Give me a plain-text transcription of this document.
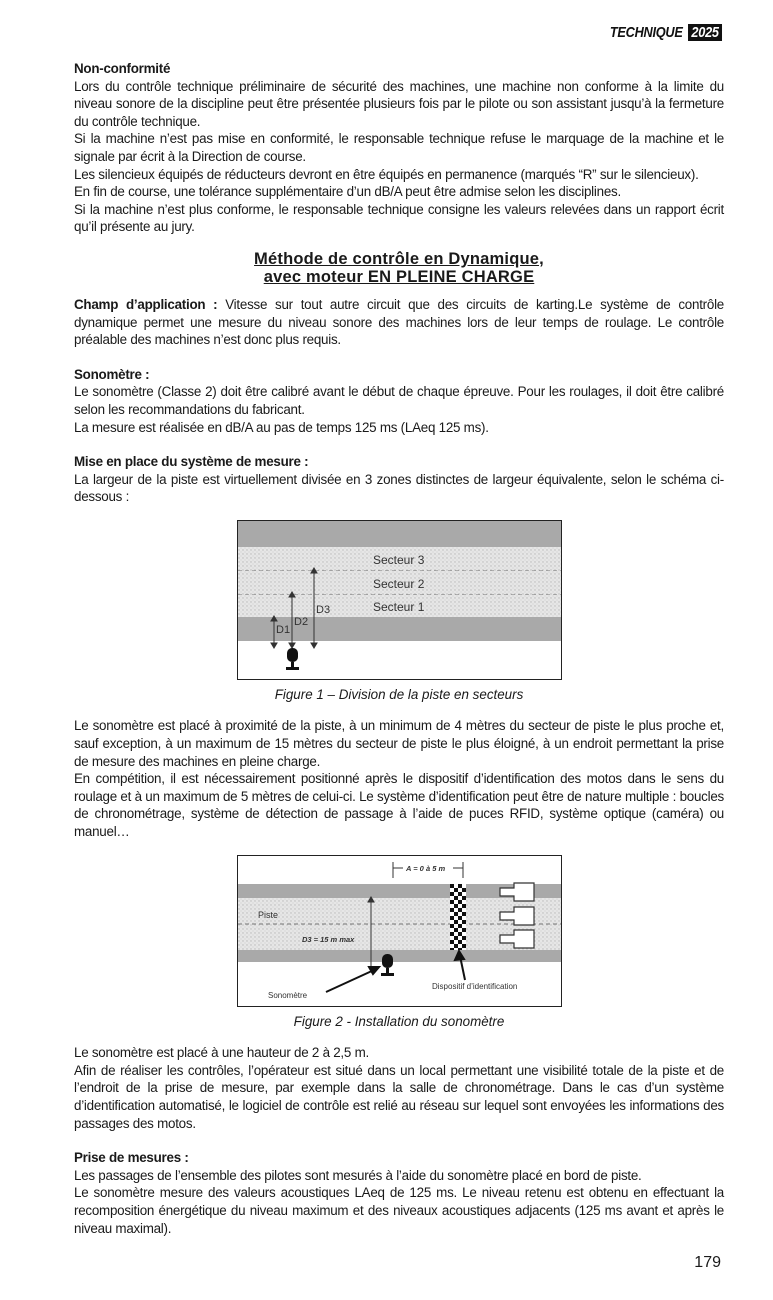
TECHNIQUE 2025

Non-conformité

Lors du contrôle technique préliminaire de sécurité des machines, une machine non conforme à la limite du niveau sonore de la discipline peut être présentée plusieurs fois par le pilote ou son assistant jusqu’à la fermeture du contrôle technique.

Si la machine n’est pas mise en conformité, le responsable technique refuse le marquage de la machine et le signale par écrit à la Direction de course.

Les silencieux équipés de réducteurs devront en être équipés en permanence (marqués “R” sur le silencieux).

En fin de course, une tolérance supplémentaire d’un dB/A peut être admise selon les disciplines.

Si la machine n’est plus conforme, le responsable technique consigne les valeurs relevées dans un rapport écrit qu’il présente au jury.

Méthode de contrôle en Dynamique,
avec moteur EN PLEINE CHARGE

Champ d’application : Vitesse sur tout autre circuit que des circuits de karting.Le système de contrôle dynamique permet une mesure du niveau sonore des machines lors de leur temps de roulage. Le contrôle préalable des machines n’est donc plus requis.

Sonomètre :

Le sonomètre (Classe 2) doit être calibré avant le début de chaque épreuve. Pour les roulages, il doit être calibré selon les recommandations du fabricant.

La mesure est réalisée en dB/A au pas de temps 125 ms (LAeq 125 ms).

Mise en place du système de mesure :

La largeur de la piste est virtuellement divisée en 3 zones distinctes de largeur équivalente, selon le schéma ci-dessous :

Secteur 3
Secteur 2
Secteur 1
D1
D2
D3
Figure 1 – Division de la piste en secteurs

Le sonomètre est placé à proximité de la piste, à un minimum de 4 mètres du secteur de piste le plus proche et, sauf exception, à un maximum de 15 mètres du secteur de piste le plus éloigné, à un endroit permettant la prise de mesure des machines en pleine charge.

En compétition, il est nécessairement positionné après le dispositif d’identification des motos dans le sens du roulage et à un maximum de 5 mètres de celui-ci. Le système d’identification peut être de nature multiple : boucles de chronométrage, système de détection de passage à l’aide de puces RFID, système optique (caméra) ou manuel…

A = 0 à 5 m
Piste
D3 = 15 m max
Sonomètre
Dispositif d’identification
Figure 2 - Installation du sonomètre

Le sonomètre est placé à une hauteur de 2 à 2,5 m.

Afin de réaliser les contrôles, l’opérateur est situé dans un local permettant une visibilité totale de la piste et de l’endroit de la prise de mesure, par exemple dans la salle de chronométrage. Dans le cas d’un système d’identification automatisé, le logiciel de contrôle est relié au réseau sur lequel sont envoyées les informations des passages des motos.

Prise de mesures :

Les passages de l’ensemble des pilotes sont mesurés à l’aide du sonomètre placé en bord de piste.

Le sonomètre mesure des valeurs acoustiques LAeq de 125 ms. Le niveau retenu est obtenu en effectuant la recomposition énergétique du niveau maximum et des niveaux acoustiques adjacents (125 ms avant et après le niveau maximal).

179
